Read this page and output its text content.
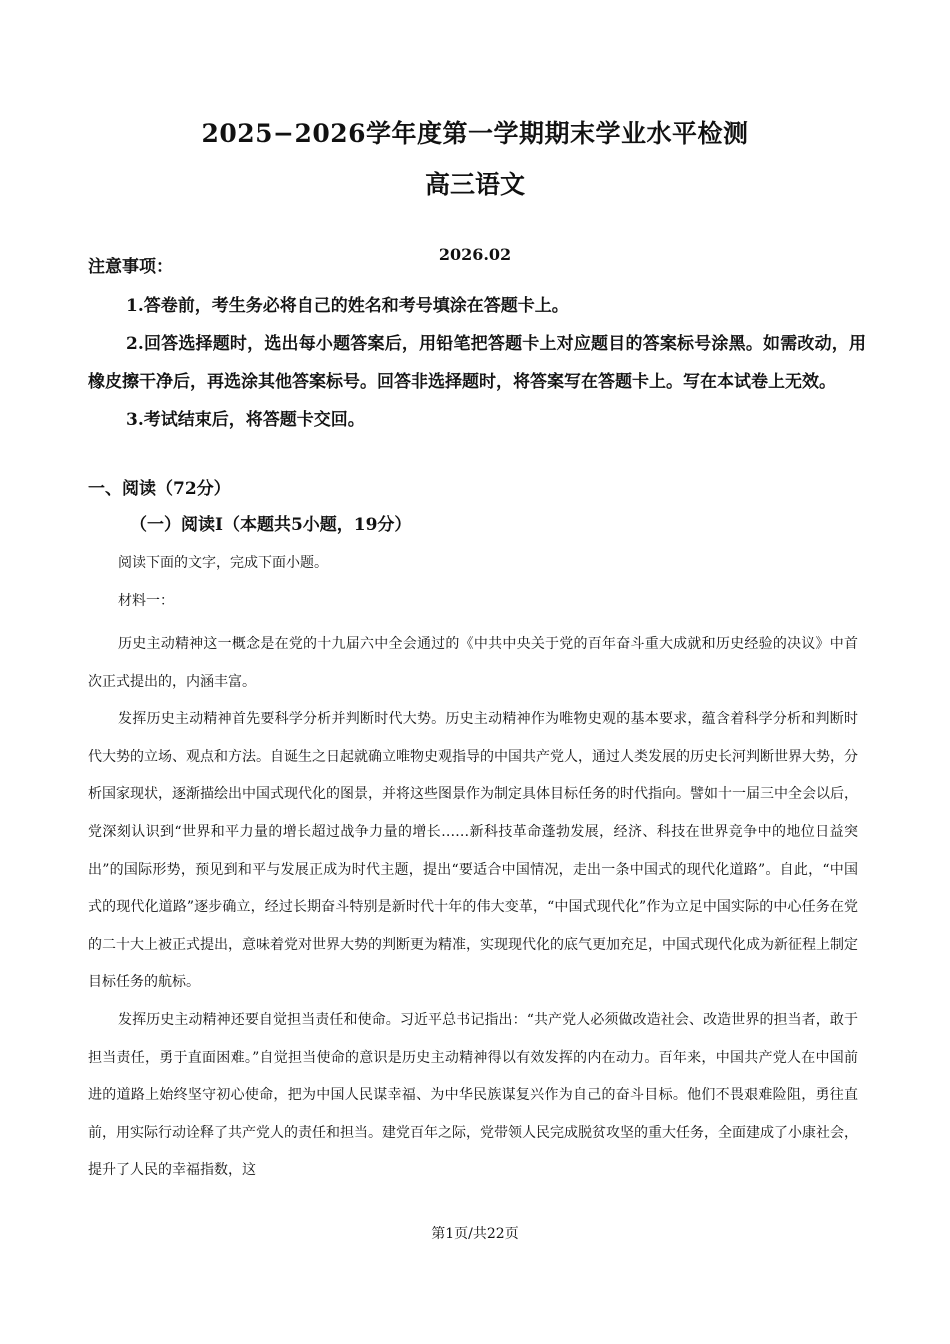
2025−2026学年度第一学期期末学业水平检测
高三语文
2026.02
注意事项：

1.答卷前，考生务必将自己的姓名和考号填涂在答题卡上。

2.回答选择题时，选出每小题答案后，用铅笔把答题卡上对应题目的答案标号涂黑。如需改动，用橡皮擦干净后，再选涂其他答案标号。回答非选择题时，将答案写在答题卡上。写在本试卷上无效。

3.考试结束后，将答题卡交回。

一、阅读（72分）
（一）阅读Ⅰ（本题共5小题，19分）
阅读下面的文字，完成下面小题。
材料一：

历史主动精神这一概念是在党的十九届六中全会通过的《中共中央关于党的百年奋斗重大成就和历史经验的决议》中首次正式提出的，内涵丰富。

发挥历史主动精神首先要科学分析并判断时代大势。历史主动精神作为唯物史观的基本要求，蕴含着科学分析和判断时代大势的立场、观点和方法。自诞生之日起就确立唯物史观指导的中国共产党人，通过人类发展的历史长河判断世界大势，分析国家现状，逐渐描绘出中国式现代化的图景，并将这些图景作为制定具体目标任务的时代指向。譬如十一届三中全会以后，党深刻认识到“世界和平力量的增长超过战争力量的增长……新科技革命蓬勃发展，经济、科技在世界竞争中的地位日益突出”的国际形势，预见到和平与发展正成为时代主题，提出“要适合中国情况，走出一条中国式的现代化道路”。自此，“中国式的现代化道路”逐步确立，经过长期奋斗特别是新时代十年的伟大变革，“中国式现代化”作为立足中国实际的中心任务在党的二十大上被正式提出，意味着党对世界大势的判断更为精准，实现现代化的底气更加充足，中国式现代化成为新征程上制定目标任务的航标。

发挥历史主动精神还要自觉担当责任和使命。习近平总书记指出：“共产党人必须做改造社会、改造世界的担当者，敢于担当责任，勇于直面困难。”自觉担当使命的意识是历史主动精神得以有效发挥的内在动力。百年来，中国共产党人在中国前进的道路上始终坚守初心使命，把为中国人民谋幸福、为中华民族谋复兴作为自己的奋斗目标。他们不畏艰难险阻，勇往直前，用实际行动诠释了共产党人的责任和担当。建党百年之际，党带领人民完成脱贫攻坚的重大任务，全面建成了小康社会，提升了人民的幸福指数，这

第1页/共22页
